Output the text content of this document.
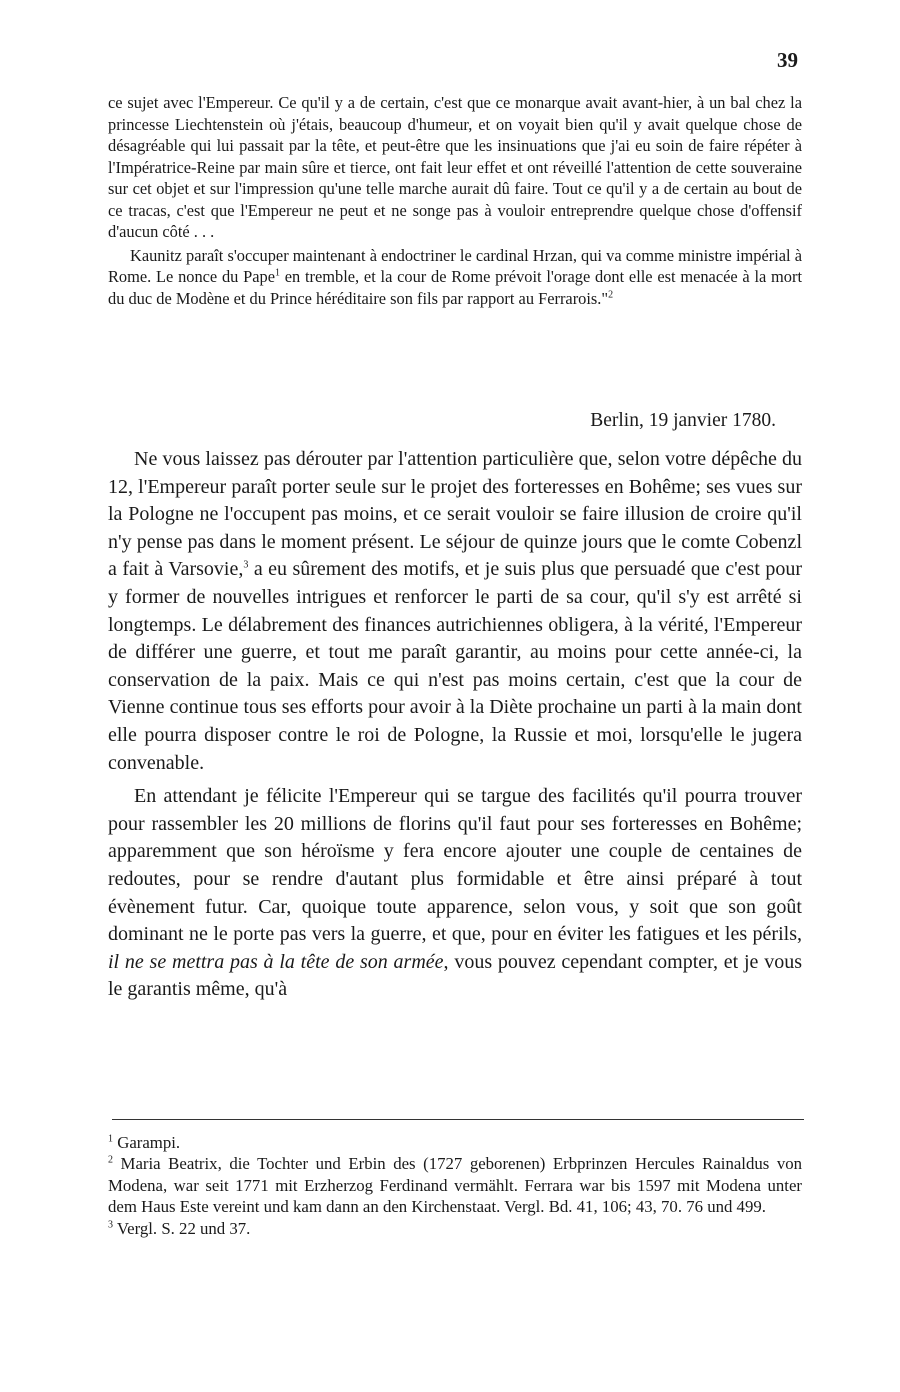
39

ce sujet avec l'Empereur. Ce qu'il y a de certain, c'est que ce monarque avait avant-hier, à un bal chez la princesse Liechtenstein où j'étais, beaucoup d'humeur, et on voyait bien qu'il y avait quelque chose de désagréable qui lui passait par la tête, et peut-être que les insinuations que j'ai eu soin de faire répéter à l'Impératrice-Reine par main sûre et tierce, ont fait leur effet et ont réveillé l'attention de cette souveraine sur cet objet et sur l'impression qu'une telle marche aurait dû faire. Tout ce qu'il y a de certain au bout de ce tracas, c'est que l'Empereur ne peut et ne songe pas à vouloir entreprendre quelque chose d'offensif d'aucun côté . . .

Kaunitz paraît s'occuper maintenant à endoctriner le cardinal Hrzan, qui va comme ministre impérial à Rome. Le nonce du Pape$^1$ en tremble, et la cour de Rome prévoit l'orage dont elle est menacée à la mort du duc de Modène et du Prince héréditaire son fils par rapport au Ferrarois."$^2$

Berlin, 19 janvier 1780.

Ne vous laissez pas dérouter par l'attention particulière que, selon votre dépêche du 12, l'Empereur paraît porter seule sur le projet des forteresses en Bohême; ses vues sur la Pologne ne l'occupent pas moins, et ce serait vouloir se faire illusion de croire qu'il n'y pense pas dans le moment présent. Le séjour de quinze jours que le comte Cobenzl a fait à Varsovie,$^3$ a eu sûrement des motifs, et je suis plus que persuadé que c'est pour y former de nouvelles intrigues et renforcer le parti de sa cour, qu'il s'y est arrêté si longtemps. Le délabrement des finances autrichiennes obligera, à la vérité, l'Empereur de différer une guerre, et tout me paraît garantir, au moins pour cette année-ci, la conservation de la paix. Mais ce qui n'est pas moins certain, c'est que la cour de Vienne continue tous ses efforts pour avoir à la Diète prochaine un parti à la main dont elle pourra disposer contre le roi de Pologne, la Russie et moi, lorsqu'elle le jugera convenable.

En attendant je félicite l'Empereur qui se targue des facilités qu'il pourra trouver pour rassembler les 20 millions de florins qu'il faut pour ses forteresses en Bohême; apparemment que son héroïsme y fera encore ajouter une couple de centaines de redoutes, pour se rendre d'autant plus formidable et être ainsi préparé à tout évènement futur. Car, quoique toute apparence, selon vous, y soit que son goût dominant ne le porte pas vers la guerre, et que, pour en éviter les fatigues et les périls, il ne se mettra pas à la tête de son armée, vous pouvez cependant compter, et je vous le garantis même, qu'à

$^1$ Garampi.

$^2$ Maria Beatrix, die Tochter und Erbin des (1727 geborenen) Erbprinzen Hercules Rainaldus von Modena, war seit 1771 mit Erzherzog Ferdinand vermählt. Ferrara war bis 1597 mit Modena unter dem Haus Este vereint und kam dann an den Kirchenstaat. Vergl. Bd. 41, 106; 43, 70. 76 und 499.

$^3$ Vergl. S. 22 und 37.
